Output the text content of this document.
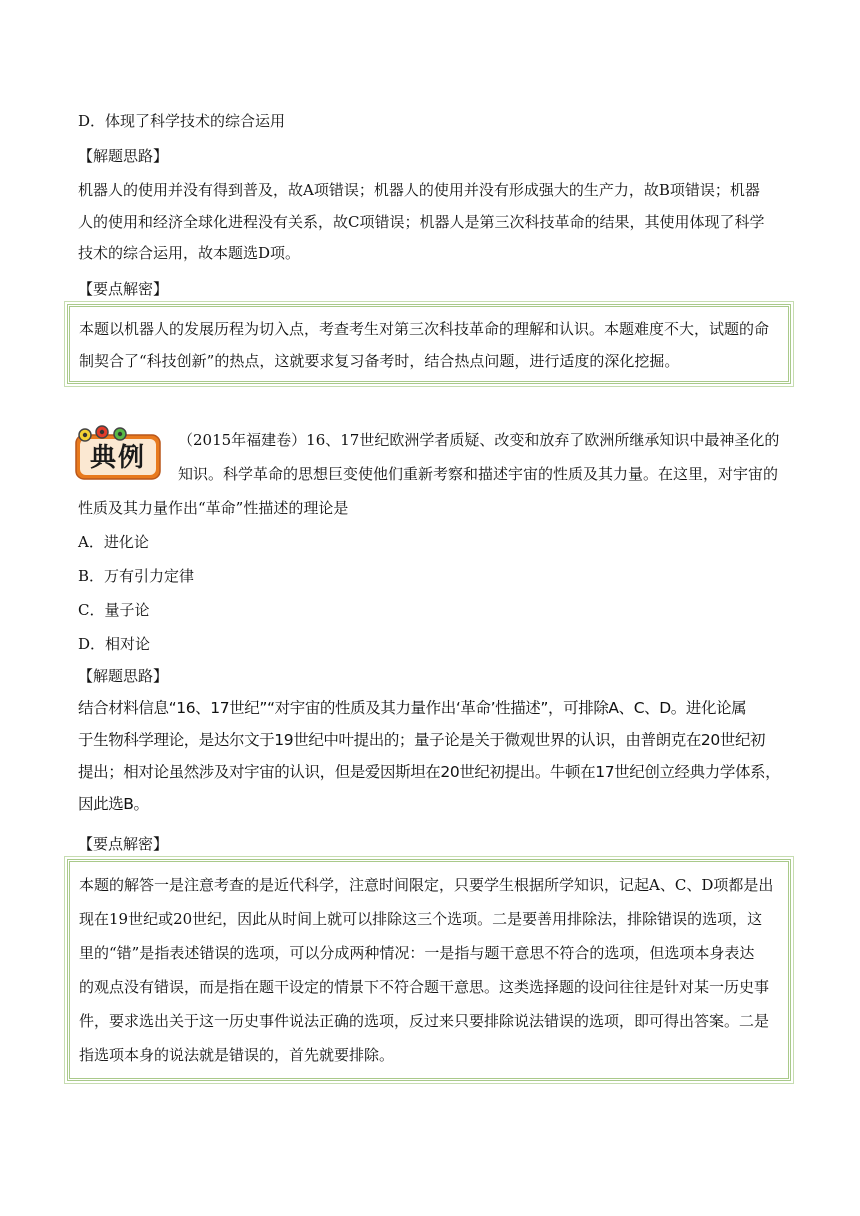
D．体现了科学技术的综合运用
【解题思路】
机器人的使用并没有得到普及，故A项错误；机器人的使用并没有形成强大的生产力，故B项错误；机器
人的使用和经济全球化进程没有关系，故C项错误；机器人是第三次科技革命的结果，其使用体现了科学
技术的综合运用，故本题选D项。
【要点解密】
本题以机器人的发展历程为切入点，考查考生对第三次科技革命的理解和认识。本题难度不大，试题的命
制契合了“科技创新”的热点，这就要求复习备考时，结合热点问题，进行适度的深化挖掘。
典例
（2015年福建卷）16、17世纪欧洲学者质疑、改变和放弃了欧洲所继承知识中最神圣化的
知识。科学革命的思想巨变使他们重新考察和描述宇宙的性质及其力量。在这里，对宇宙的
性质及其力量作出“革命”性描述的理论是
A．进化论
B．万有引力定律
C．量子论
D．相对论
【解题思路】
结合材料信息“16、17世纪”“对宇宙的性质及其力量作出‘革命’性描述”，可排除A、C、D。进化论属
于生物科学理论，是达尔文于19世纪中叶提出的；量子论是关于微观世界的认识，由普朗克在20世纪初
提出；相对论虽然涉及对宇宙的认识，但是爱因斯坦在20世纪初提出。牛顿在17世纪创立经典力学体系，
因此选B。
【要点解密】
本题的解答一是注意考查的是近代科学，注意时间限定，只要学生根据所学知识，记起A、C、D项都是出
现在19世纪或20世纪，因此从时间上就可以排除这三个选项。二是要善用排除法，排除错误的选项，这
里的“错”是指表述错误的选项，可以分成两种情况：一是指与题干意思不符合的选项，但选项本身表达
的观点没有错误，而是指在题干设定的情景下不符合题干意思。这类选择题的设问往往是针对某一历史事
件，要求选出关于这一历史事件说法正确的选项，反过来只要排除说法错误的选项，即可得出答案。二是
指选项本身的说法就是错误的，首先就要排除。
